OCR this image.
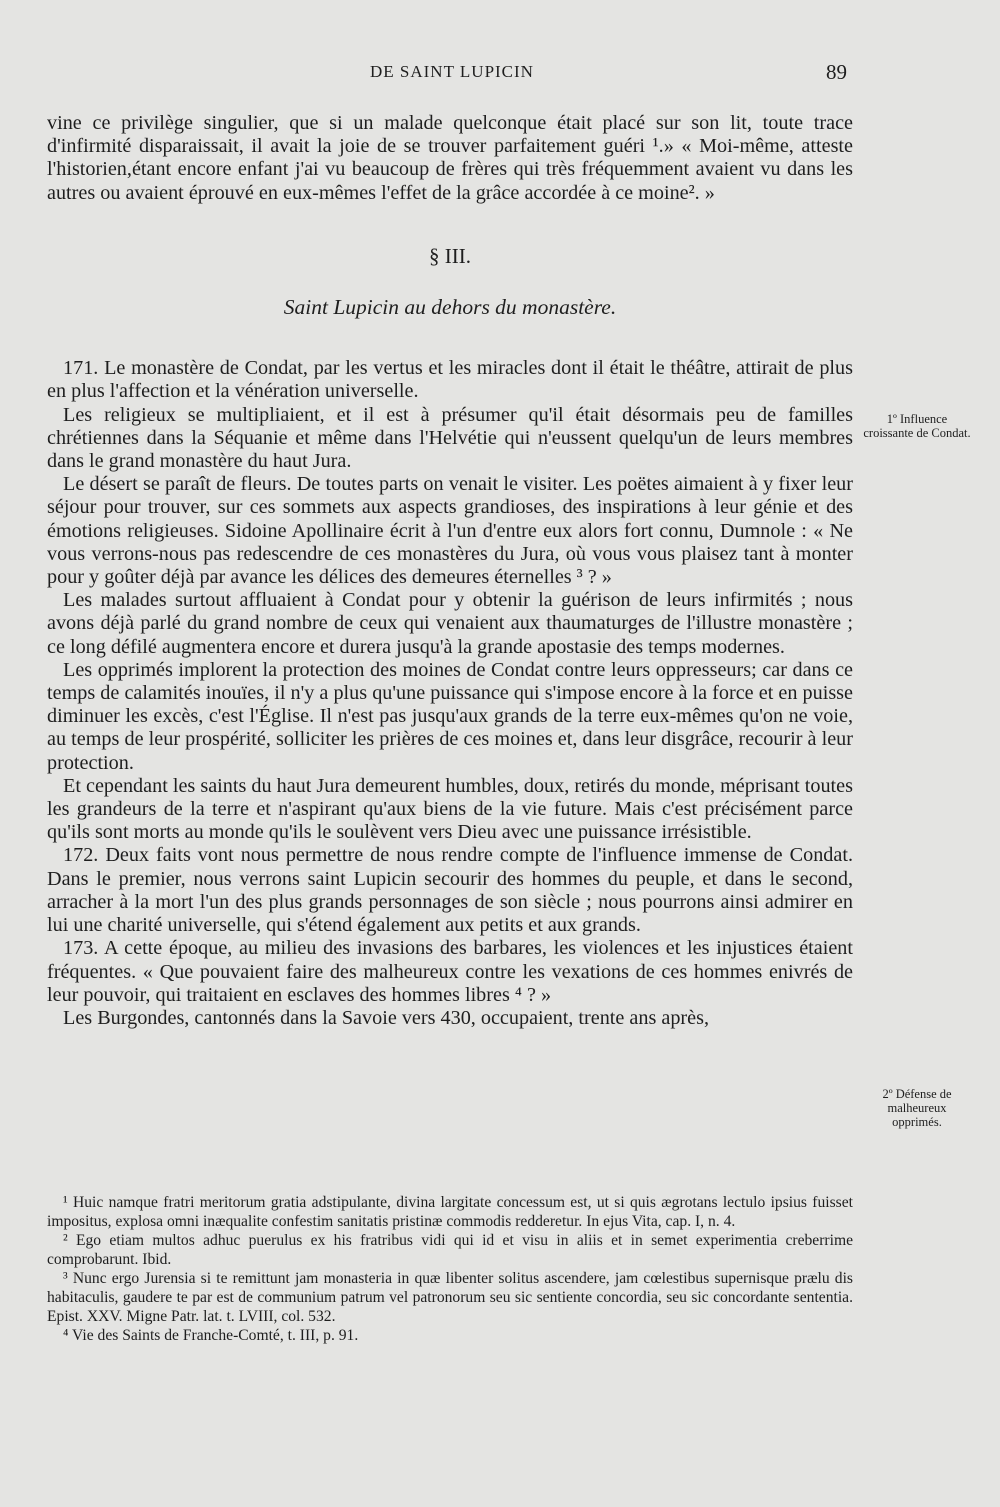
DE SAINT LUPICIN	89

vine ce privilège singulier, que si un malade quelconque était placé sur son lit, toute trace d'infirmité disparaissait, il avait la joie de se trouver parfaitement guéri ¹.» « Moi-même, atteste l'historien,étant encore enfant j'ai vu beaucoup de frères qui très fréquemment avaient vu dans les autres ou avaient éprouvé en eux-mêmes l'effet de la grâce accordée à ce moine². »

§ III.
Saint Lupicin au dehors du monastère.

171. Le monastère de Condat, par les vertus et les miracles dont il était le théâtre, attirait de plus en plus l'affection et la vénération universelle.

Les religieux se multipliaient, et il est à présumer qu'il était désormais peu de familles chrétiennes dans la Séquanie et même dans l'Helvétie qui n'eussent quelqu'un de leurs membres dans le grand monastère du haut Jura.

Le désert se paraît de fleurs. De toutes parts on venait le visiter. Les poëtes aimaient à y fixer leur séjour pour trouver, sur ces sommets aux aspects grandioses, des inspirations à leur génie et des émotions religieuses. Sidoine Apollinaire écrit à l'un d'entre eux alors fort connu, Dumnole : « Ne vous verrons-nous pas redescendre de ces monastères du Jura, où vous vous plaisez tant à monter pour y goûter déjà par avance les délices des demeures éternelles ³ ? »

Les malades surtout affluaient à Condat pour y obtenir la guérison de leurs infirmités ; nous avons déjà parlé du grand nombre de ceux qui venaient aux thaumaturges de l'illustre monastère ; ce long défilé augmentera encore et durera jusqu'à la grande apostasie des temps modernes.

Les opprimés implorent la protection des moines de Condat contre leurs oppresseurs; car dans ce temps de calamités inouïes, il n'y a plus qu'une puissance qui s'impose encore à la force et en puisse diminuer les excès, c'est l'Église. Il n'est pas jusqu'aux grands de la terre eux-mêmes qu'on ne voie, au temps de leur prospérité, solliciter les prières de ces moines et, dans leur disgrâce, recourir à leur protection.

Et cependant les saints du haut Jura demeurent humbles, doux, retirés du monde, méprisant toutes les grandeurs de la terre et n'aspirant qu'aux biens de la vie future. Mais c'est précisément parce qu'ils sont morts au monde qu'ils le soulèvent vers Dieu avec une puissance irrésistible.

172. Deux faits vont nous permettre de nous rendre compte de l'influence immense de Condat. Dans le premier, nous verrons saint Lupicin secourir des hommes du peuple, et dans le second, arracher à la mort l'un des plus grands personnages de son siècle ; nous pourrons ainsi admirer en lui une charité universelle, qui s'étend également aux petits et aux grands.

173. A cette époque, au milieu des invasions des barbares, les violences et les injustices étaient fréquentes. « Que pouvaient faire des malheureux contre les vexations de ces hommes enivrés de leur pouvoir, qui traitaient en esclaves des hommes libres ⁴ ? »

Les Burgondes, cantonnés dans la Savoie vers 430, occupaient, trente ans après,

1º Influence croissante de Condat.
2º Défense de malheureux opprimés.

¹ Huic namque fratri meritorum gratia adstipulante, divina largitate concessum est, ut si quis ægrotans lectulo ipsius fuisset impositus, explosa omni inæqualite confestim sanitatis pristinæ commodis redderetur. In ejus Vita, cap. I, n. 4.

² Ego etiam multos adhuc puerulus ex his fratribus vidi qui id et visu in aliis et in semet experimentia creberrime comprobarunt. Ibid.

³ Nunc ergo Jurensia si te remittunt jam monasteria in quæ libenter solitus ascendere, jam cœlestibus supernisque prælu dis habitaculis, gaudere te par est de communium patrum vel patronorum seu sic sentiente concordia, seu sic concordante sententia. Epist. XXV. Migne Patr. lat. t. LVIII, col. 532.

⁴ Vie des Saints de Franche-Comté, t. III, p. 91.
